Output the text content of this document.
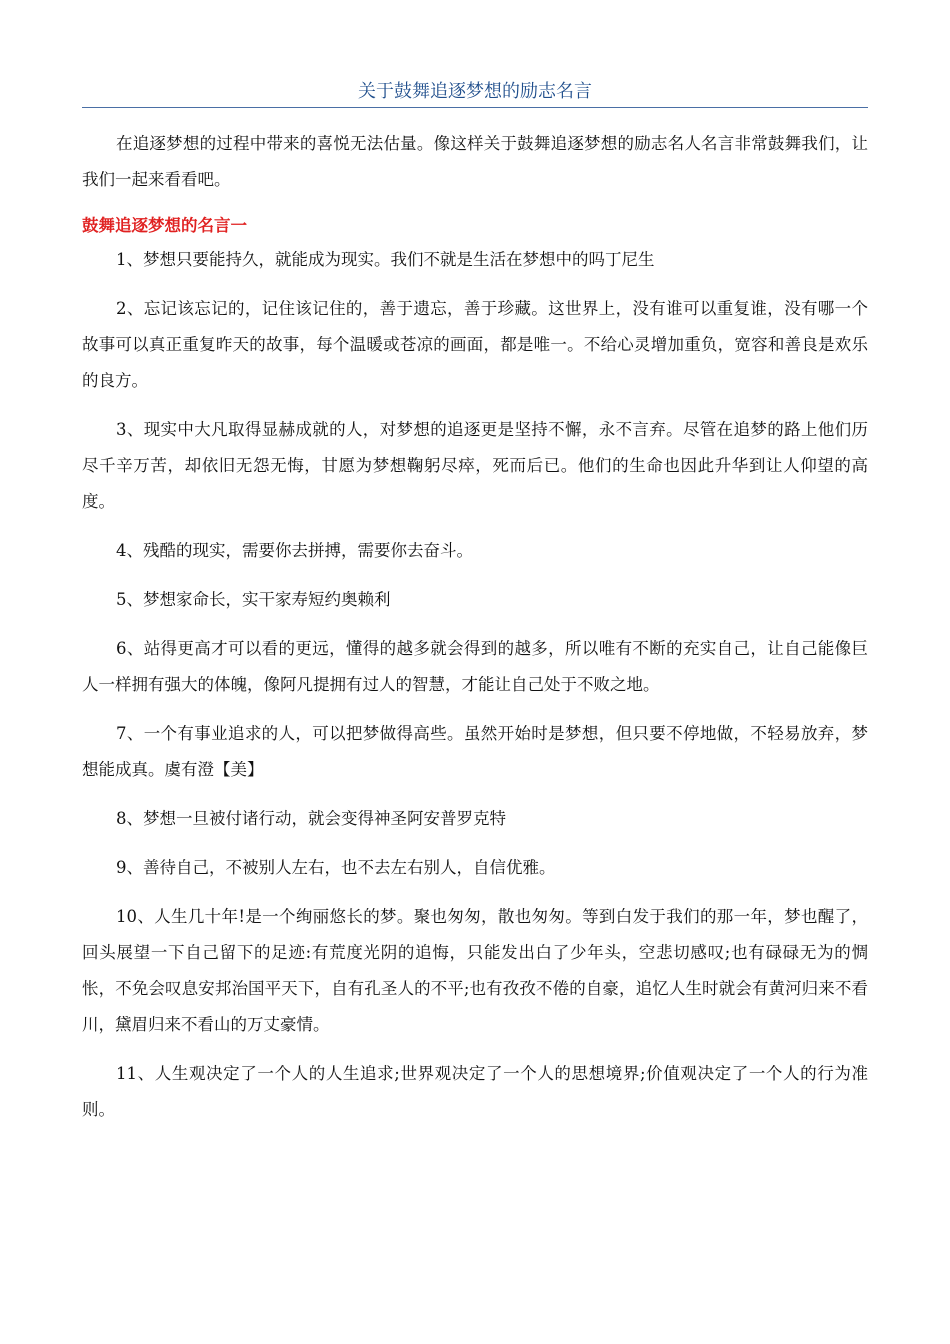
关于鼓舞追逐梦想的励志名言

在追逐梦想的过程中带来的喜悦无法估量。像这样关于鼓舞追逐梦想的励志名人名言非常鼓舞我们，让我们一起来看看吧。

鼓舞追逐梦想的名言一

1、梦想只要能持久，就能成为现实。我们不就是生活在梦想中的吗丁尼生

2、忘记该忘记的，记住该记住的，善于遗忘，善于珍藏。这世界上，没有谁可以重复谁，没有哪一个故事可以真正重复昨天的故事，每个温暖或苍凉的画面，都是唯一。不给心灵增加重负，宽容和善良是欢乐的良方。

3、现实中大凡取得显赫成就的人，对梦想的追逐更是坚持不懈，永不言弃。尽管在追梦的路上他们历尽千辛万苦，却依旧无怨无悔，甘愿为梦想鞠躬尽瘁，死而后已。他们的生命也因此升华到让人仰望的高度。

4、残酷的现实，需要你去拼搏，需要你去奋斗。

5、梦想家命长，实干家寿短约奥赖利

6、站得更高才可以看的更远，懂得的越多就会得到的越多，所以唯有不断的充实自己，让自己能像巨人一样拥有强大的体魄，像阿凡提拥有过人的智慧，才能让自己处于不败之地。

7、一个有事业追求的人，可以把梦做得高些。虽然开始时是梦想，但只要不停地做，不轻易放弃，梦想能成真。虞有澄【美】

8、梦想一旦被付诸行动，就会变得神圣阿安普罗克特

9、善待自己，不被别人左右，也不去左右别人，自信优雅。

10、人生几十年!是一个绚丽悠长的梦。聚也匆匆，散也匆匆。等到白发于我们的那一年，梦也醒了，回头展望一下自己留下的足迹:有荒度光阴的追悔，只能发出白了少年头，空悲切感叹;也有碌碌无为的惆怅，不免会叹息安邦治国平天下，自有孔圣人的不平;也有孜孜不倦的自豪，追忆人生时就会有黄河归来不看川，黛眉归来不看山的万丈豪情。

11、人生观决定了一个人的人生追求;世界观决定了一个人的思想境界;价值观决定了一个人的行为准则。
